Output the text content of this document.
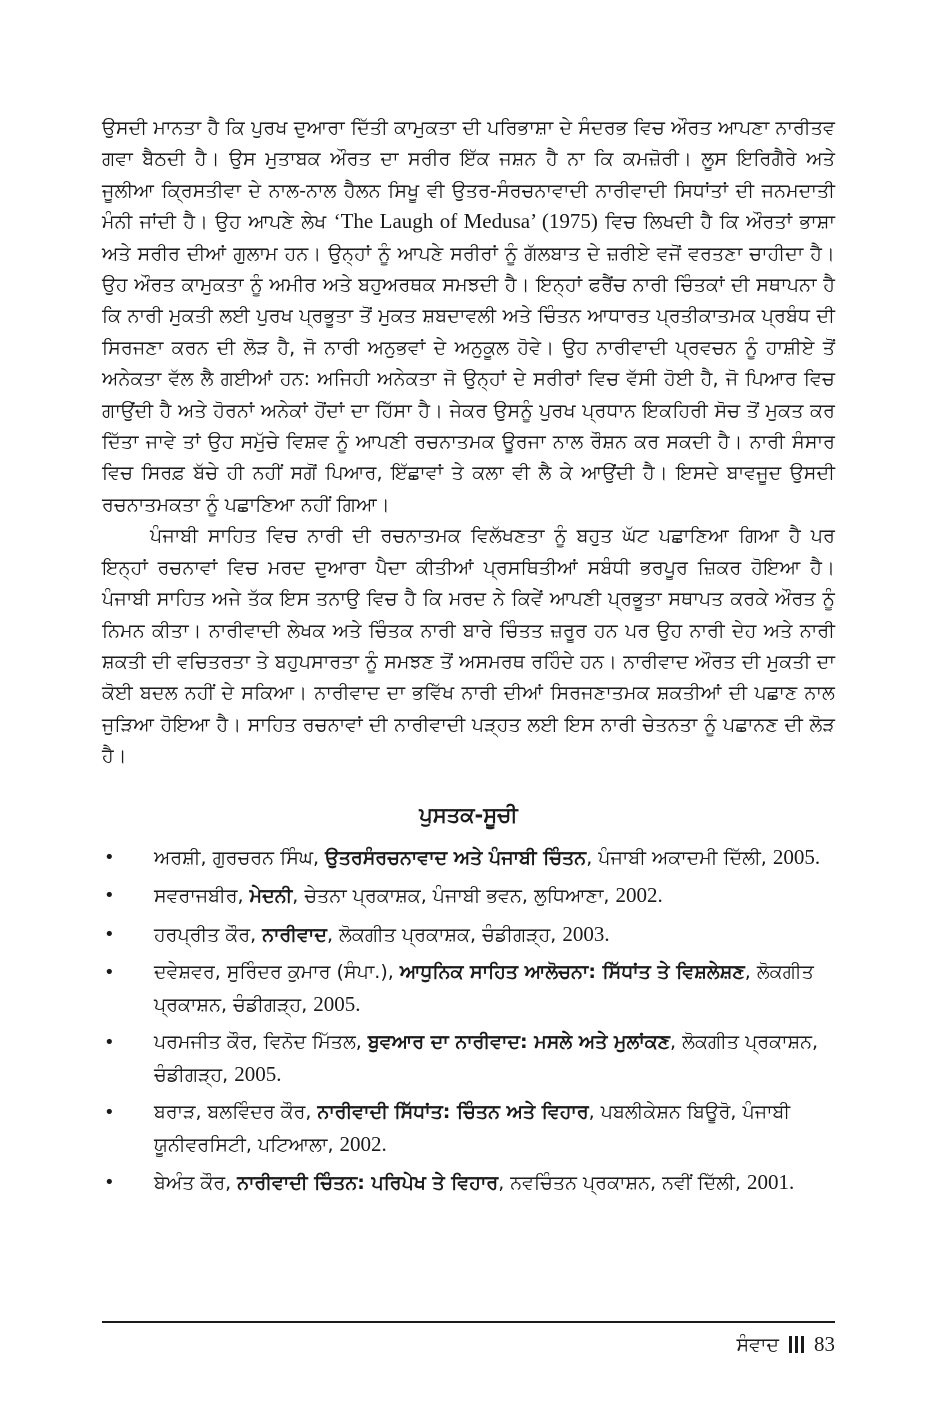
ਉਸਦੀ ਮਾਨਤਾ ਹੈ ਕਿ ਪੁਰਖ ਦੁਆਰਾ ਦਿੱਤੀ ਕਾਮੁਕਤਾ ਦੀ ਪਰਿਭਾਸ਼ਾ ਦੇ ਸੰਦਰਭ ਵਿਚ ਔਰਤ ਆਪਣਾ ਨਾਰੀਤਵ ਗਵਾ ਬੈਠਦੀ ਹੈ। ਉਸ ਮੁਤਾਬਕ ਔਰਤ ਦਾ ਸਰੀਰ ਇੱਕ ਜਸ਼ਨ ਹੈ ਨਾ ਕਿ ਕਮਜ਼ੋਰੀ। ਲੂਸ ਇਰਿਗੈਰੇ ਅਤੇ ਜੂਲੀਆ ਕ੍ਰਿਸਤੀਵਾ ਦੇ ਨਾਲ-ਨਾਲ ਹੈਲਨ ਸਿਖੂ ਵੀ ਉਤਰ-ਸੰਰਚਨਾਵਾਦੀ ਨਾਰੀਵਾਦੀ ਸਿਧਾਂਤਾਂ ਦੀ ਜਨਮਦਾਤੀ ਮੰਨੀ ਜਾਂਦੀ ਹੈ। ਉਹ ਆਪਣੇ ਲੇਖ ‘The Laugh of Medusa’ (1975) ਵਿਚ ਲਿਖਦੀ ਹੈ ਕਿ ਔਰਤਾਂ ਭਾਸ਼ਾ ਅਤੇ ਸਰੀਰ ਦੀਆਂ ਗੁਲਾਮ ਹਨ। ਉਨ੍ਹਾਂ ਨੂੰ ਆਪਣੇ ਸਰੀਰਾਂ ਨੂੰ ਗੱਲਬਾਤ ਦੇ ਜ਼ਰੀਏ ਵਜੋਂ ਵਰਤਣਾ ਚਾਹੀਦਾ ਹੈ। ਉਹ ਔਰਤ ਕਾਮੁਕਤਾ ਨੂੰ ਅਮੀਰ ਅਤੇ ਬਹੁਅਰਥਕ ਸਮਝਦੀ ਹੈ। ਇਨ੍ਹਾਂ ਫਰੈਂਚ ਨਾਰੀ ਚਿੰਤਕਾਂ ਦੀ ਸਥਾਪਨਾ ਹੈ ਕਿ ਨਾਰੀ ਮੁਕਤੀ ਲਈ ਪੁਰਖ ਪ੍ਰਭੂਤਾ ਤੋਂ ਮੁਕਤ ਸ਼ਬਦਾਵਲੀ ਅਤੇ ਚਿੰਤਨ ਆਧਾਰਤ ਪ੍ਰਤੀਕਾਤਮਕ ਪ੍ਰਬੰਧ ਦੀ ਸਿਰਜਣਾ ਕਰਨ ਦੀ ਲੋੜ ਹੈ, ਜੋ ਨਾਰੀ ਅਨੁਭਵਾਂ ਦੇ ਅਨੁਕੂਲ ਹੋਵੇ। ਉਹ ਨਾਰੀਵਾਦੀ ਪ੍ਰਵਚਨ ਨੂੰ ਹਾਸ਼ੀਏ ਤੋਂ ਅਨੇਕਤਾ ਵੱਲ ਲੈ ਗਈਆਂ ਹਨ: ਅਜਿਹੀ ਅਨੇਕਤਾ ਜੋ ਉਨ੍ਹਾਂ ਦੇ ਸਰੀਰਾਂ ਵਿਚ ਵੱਸੀ ਹੋਈ ਹੈ, ਜੋ ਪਿਆਰ ਵਿਚ ਗਾਉਂਦੀ ਹੈ ਅਤੇ ਹੋਰਨਾਂ ਅਨੇਕਾਂ ਹੋਂਦਾਂ ਦਾ ਹਿੱਸਾ ਹੈ। ਜੇਕਰ ਉਸਨੂੰ ਪੁਰਖ ਪ੍ਰਧਾਨ ਇਕਹਿਰੀ ਸੋਚ ਤੋਂ ਮੁਕਤ ਕਰ ਦਿੱਤਾ ਜਾਵੇ ਤਾਂ ਉਹ ਸਮੁੱਚੇ ਵਿਸ਼ਵ ਨੂੰ ਆਪਣੀ ਰਚਨਾਤਮਕ ਊਰਜਾ ਨਾਲ ਰੌਸ਼ਨ ਕਰ ਸਕਦੀ ਹੈ। ਨਾਰੀ ਸੰਸਾਰ ਵਿਚ ਸਿਰਫ਼ ਬੱਚੇ ਹੀ ਨਹੀਂ ਸਗੋਂ ਪਿਆਰ, ਇੱਛਾਵਾਂ ਤੇ ਕਲਾ ਵੀ ਲੈ ਕੇ ਆਉਂਦੀ ਹੈ। ਇਸਦੇ ਬਾਵਜੂਦ ਉਸਦੀ ਰਚਨਾਤਮਕਤਾ ਨੂੰ ਪਛਾਣਿਆ ਨਹੀਂ ਗਿਆ।

ਪੰਜਾਬੀ ਸਾਹਿਤ ਵਿਚ ਨਾਰੀ ਦੀ ਰਚਨਾਤਮਕ ਵਿਲੱਖਣਤਾ ਨੂੰ ਬਹੁਤ ਘੱਟ ਪਛਾਣਿਆ ਗਿਆ ਹੈ ਪਰ ਇਨ੍ਹਾਂ ਰਚਨਾਵਾਂ ਵਿਚ ਮਰਦ ਦੁਆਰਾ ਪੈਦਾ ਕੀਤੀਆਂ ਪ੍ਰਸਥਿਤੀਆਂ ਸਬੰਧੀ ਭਰਪੂਰ ਜ਼ਿਕਰ ਹੋਇਆ ਹੈ। ਪੰਜਾਬੀ ਸਾਹਿਤ ਅਜੇ ਤੱਕ ਇਸ ਤਨਾਉ ਵਿਚ ਹੈ ਕਿ ਮਰਦ ਨੇ ਕਿਵੇਂ ਆਪਣੀ ਪ੍ਰਭੂਤਾ ਸਥਾਪਤ ਕਰਕੇ ਔਰਤ ਨੂੰ ਨਿਮਨ ਕੀਤਾ। ਨਾਰੀਵਾਦੀ ਲੇਖਕ ਅਤੇ ਚਿੰਤਕ ਨਾਰੀ ਬਾਰੇ ਚਿੰਤਤ ਜ਼ਰੂਰ ਹਨ ਪਰ ਉਹ ਨਾਰੀ ਦੇਹ ਅਤੇ ਨਾਰੀ ਸ਼ਕਤੀ ਦੀ ਵਚਿਤਰਤਾ ਤੇ ਬਹੁਪਸਾਰਤਾ ਨੂੰ ਸਮਝਣ ਤੋਂ ਅਸਮਰਥ ਰਹਿੰਦੇ ਹਨ। ਨਾਰੀਵਾਦ ਔਰਤ ਦੀ ਮੁਕਤੀ ਦਾ ਕੋਈ ਬਦਲ ਨਹੀਂ ਦੇ ਸਕਿਆ। ਨਾਰੀਵਾਦ ਦਾ ਭਵਿੱਖ ਨਾਰੀ ਦੀਆਂ ਸਿਰਜਣਾਤਮਕ ਸ਼ਕਤੀਆਂ ਦੀ ਪਛਾਣ ਨਾਲ ਜੁੜਿਆ ਹੋਇਆ ਹੈ। ਸਾਹਿਤ ਰਚਨਾਵਾਂ ਦੀ ਨਾਰੀਵਾਦੀ ਪੜ੍ਹਤ ਲਈ ਇਸ ਨਾਰੀ ਚੇਤਨਤਾ ਨੂੰ ਪਛਾਨਣ ਦੀ ਲੋੜ ਹੈ।

ਪੁਸਤਕ-ਸੂਚੀ
• ਅਰਸ਼ੀ, ਗੁਰਚਰਨ ਸਿੰਘ, ਉਤਰਸੰਰਚਨਾਵਾਦ ਅਤੇ ਪੰਜਾਬੀ ਚਿੰਤਨ, ਪੰਜਾਬੀ ਅਕਾਦਮੀ ਦਿੱਲੀ, 2005.
• ਸਵਰਾਜਬੀਰ, ਮੇਦਨੀ, ਚੇਤਨਾ ਪ੍ਰਕਾਸ਼ਕ, ਪੰਜਾਬੀ ਭਵਨ, ਲੁਧਿਆਣਾ, 2002.
• ਹਰਪ੍ਰੀਤ ਕੌਰ, ਨਾਰੀਵਾਦ, ਲੋਕਗੀਤ ਪ੍ਰਕਾਸ਼ਕ, ਚੰਡੀਗੜ੍ਹ, 2003.
• ਦਵੇਸ਼ਵਰ, ਸੁਰਿੰਦਰ ਕੁਮਾਰ (ਸੰਪਾ.), ਆਧੁਨਿਕ ਸਾਹਿਤ ਆਲੋਚਨਾ: ਸਿੱਧਾਂਤ ਤੇ ਵਿਸ਼ਲੇਸ਼ਣ, ਲੋਕਗੀਤ ਪ੍ਰਕਾਸ਼ਨ, ਚੰਡੀਗੜ੍ਹ, 2005.
• ਪਰਮਜੀਤ ਕੌਰ, ਵਿਨੋਦ ਮਿੱਤਲ, ਬੁਵਆਰ ਦਾ ਨਾਰੀਵਾਦ: ਮਸਲੇ ਅਤੇ ਮੁਲਾਂਕਣ, ਲੋਕਗੀਤ ਪ੍ਰਕਾਸ਼ਨ, ਚੰਡੀਗੜ੍ਹ, 2005.
• ਬਰਾੜ, ਬਲਵਿੰਦਰ ਕੌਰ, ਨਾਰੀਵਾਦੀ ਸਿੱਧਾਂਤ: ਚਿੰਤਨ ਅਤੇ ਵਿਹਾਰ, ਪਬਲੀਕੇਸ਼ਨ ਬਿਊਰੋ, ਪੰਜਾਬੀ ਯੂਨੀਵਰਸਿਟੀ, ਪਟਿਆਲਾ, 2002.
• ਬੇਅੰਤ ਕੌਰ, ਨਾਰੀਵਾਦੀ ਚਿੰਤਨ: ਪਰਿਪੇਖ ਤੇ ਵਿਹਾਰ, ਨਵਚਿੰਤਨ ਪ੍ਰਕਾਸ਼ਨ, ਨਵੀਂ ਦਿੱਲੀ, 2001.
ਸੰਵਾਦ 83
